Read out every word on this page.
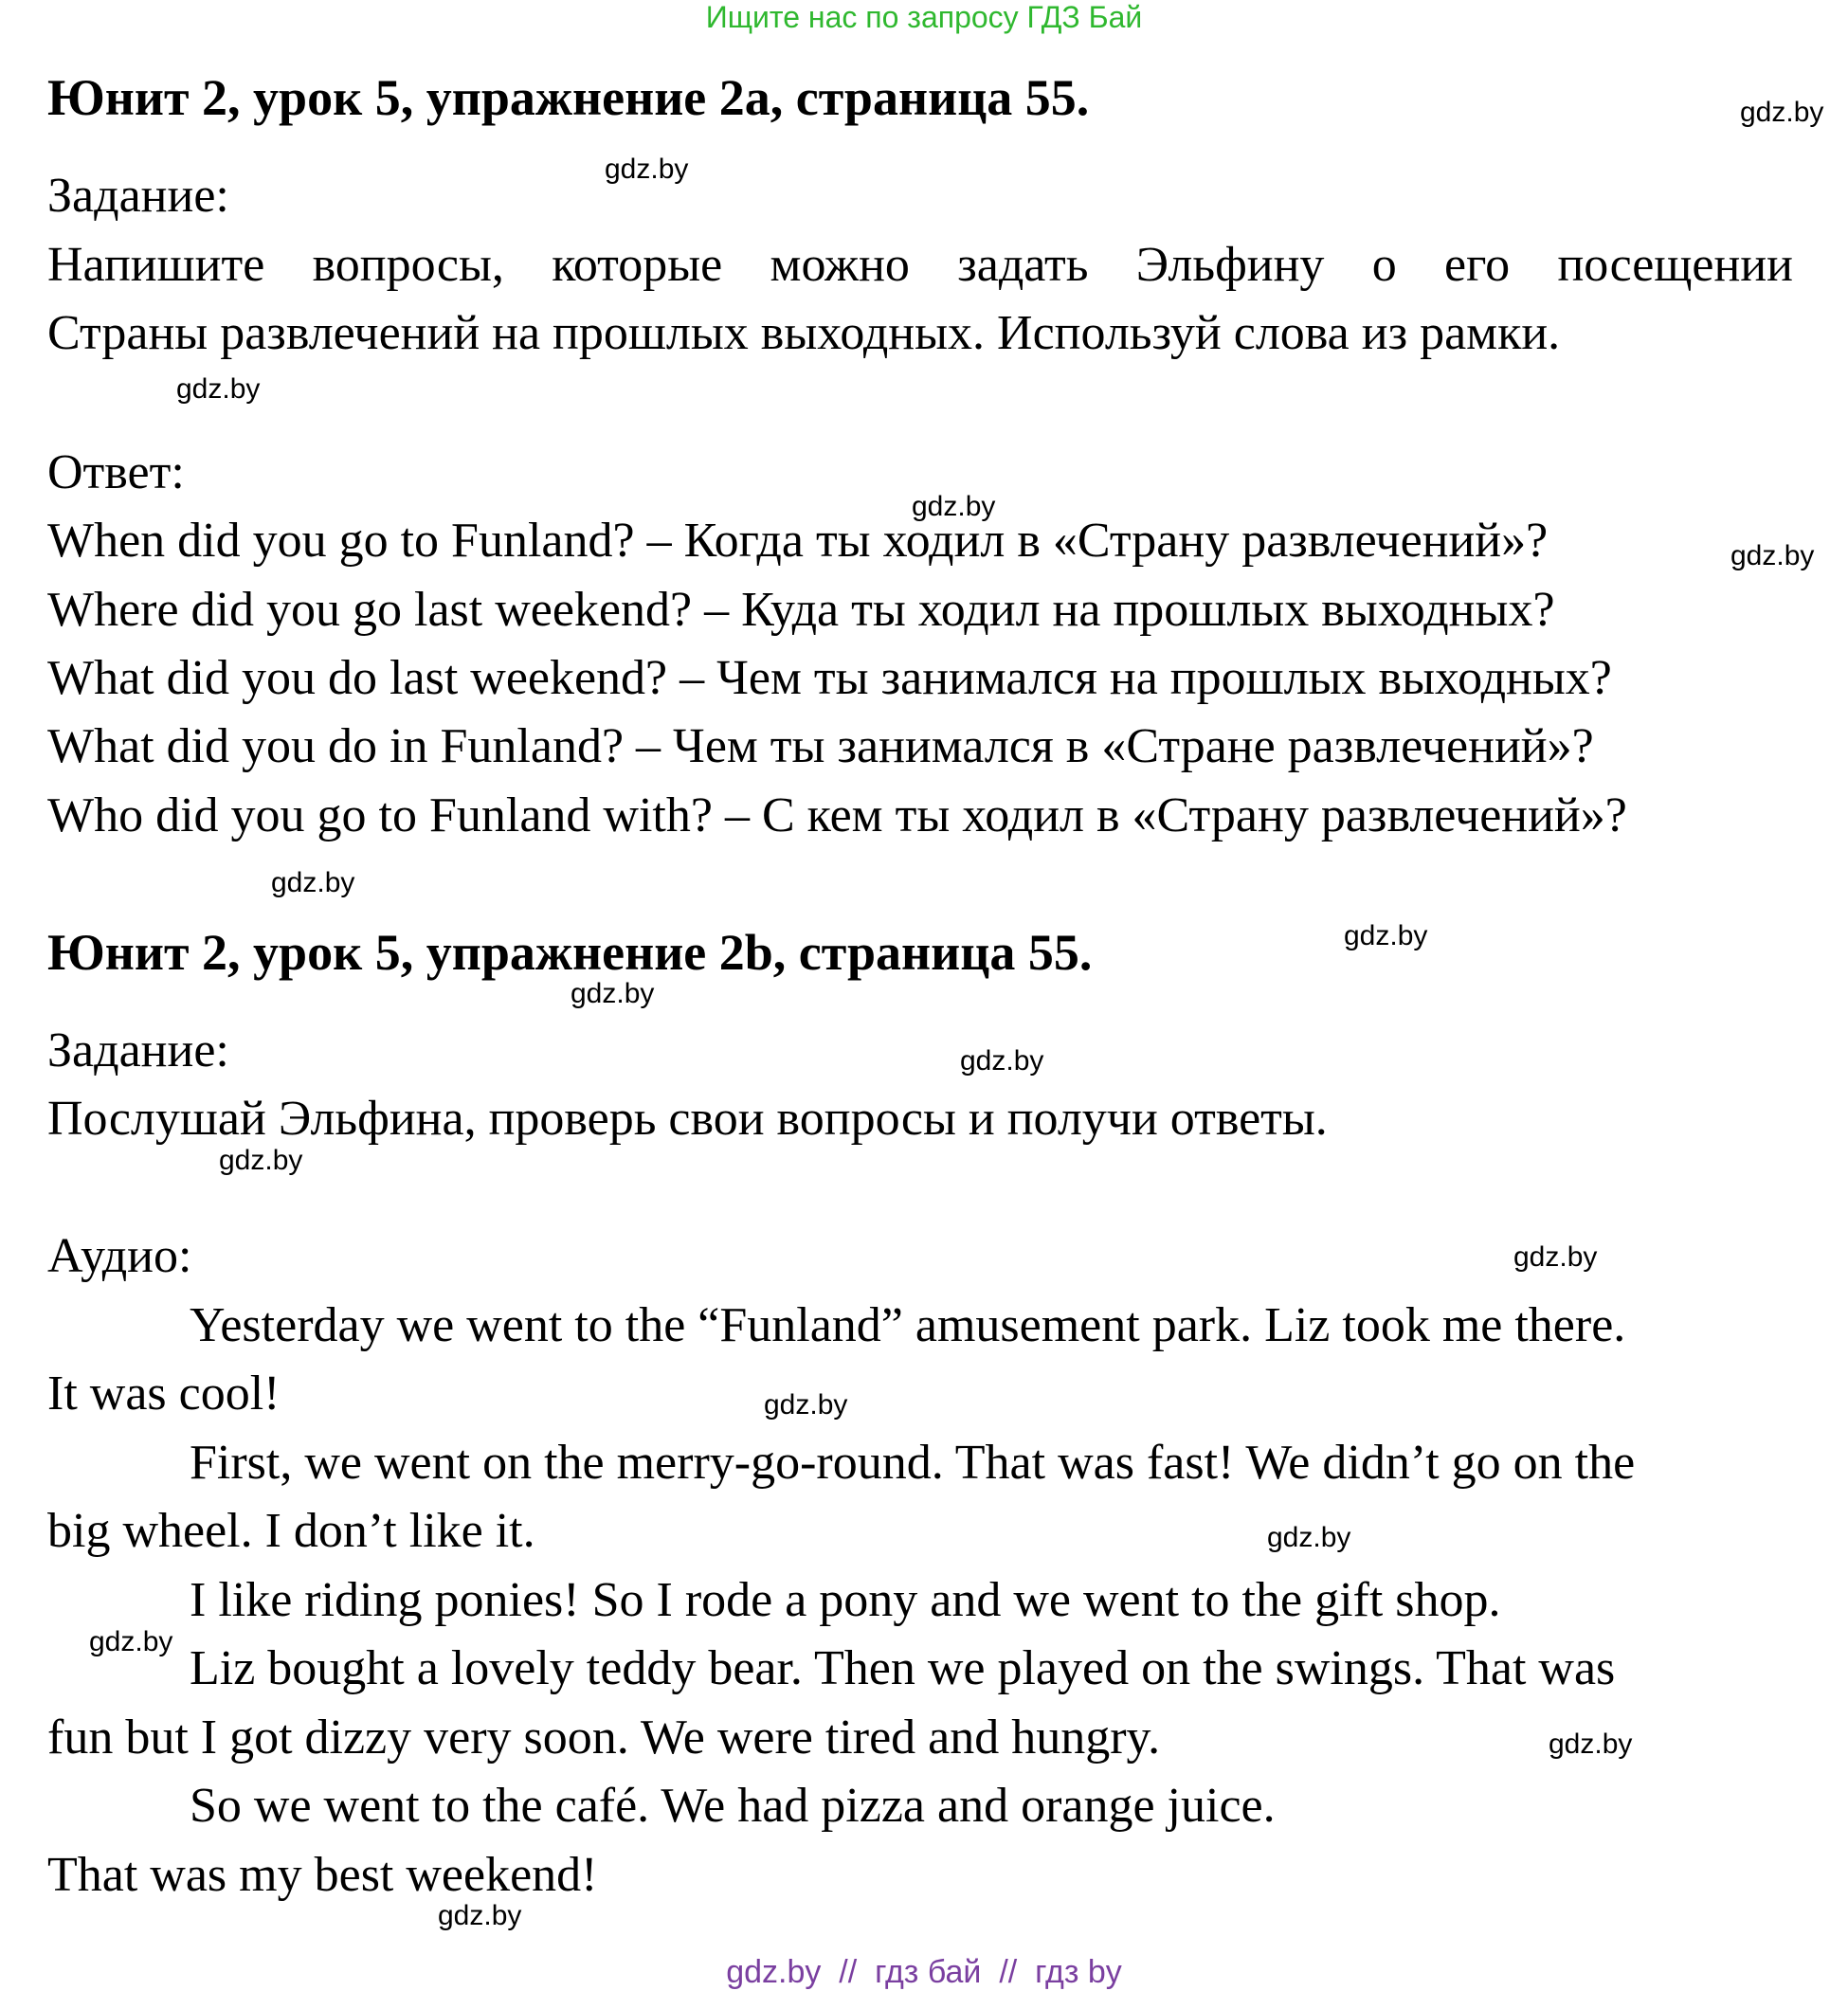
Ищите нас по запросу ГДЗ Бай
Юнит 2, урок 5, упражнение 2a, страница 55.
Задание:
Напишите вопросы, которые можно задать Эльфину о его посещении
Страны развлечений на прошлых выходных. Используй слова из рамки.
Ответ:
When did you go to Funland? – Когда ты ходил в «Страну развлечений»?
Where did you go last weekend? – Куда ты ходил на прошлых выходных?
What did you do last weekend? – Чем ты занимался на прошлых выходных?
What did you do in Funland? – Чем ты занимался в «Стране развлечений»?
Who did you go to Funland with? – С кем ты ходил в «Страну развлечений»?
Юнит 2, урок 5, упражнение 2b, страница 55.
Задание:
Послушай Эльфина, проверь свои вопросы и получи ответы.
Аудио:
Yesterday we went to the “Funland” amusement park. Liz took me there.
It was cool!
First, we went on the merry-go-round. That was fast! We didn’t go on the
big wheel. I don’t like it.
I like riding ponies! So I rode a pony and we went to the gift shop.
Liz bought a lovely teddy bear. Then we played on the swings. That was
fun but I got dizzy very soon. We were tired and hungry.
So we went to the café. We had pizza and orange juice.
That was my best weekend!
gdz.by
gdz.by
gdz.by
gdz.by
gdz.by
gdz.by
gdz.by
gdz.by
gdz.by
gdz.by
gdz.by
gdz.by
gdz.by
gdz.by
gdz.by
gdz.by
gdz.by  //  гдз бай  //  гдз by
